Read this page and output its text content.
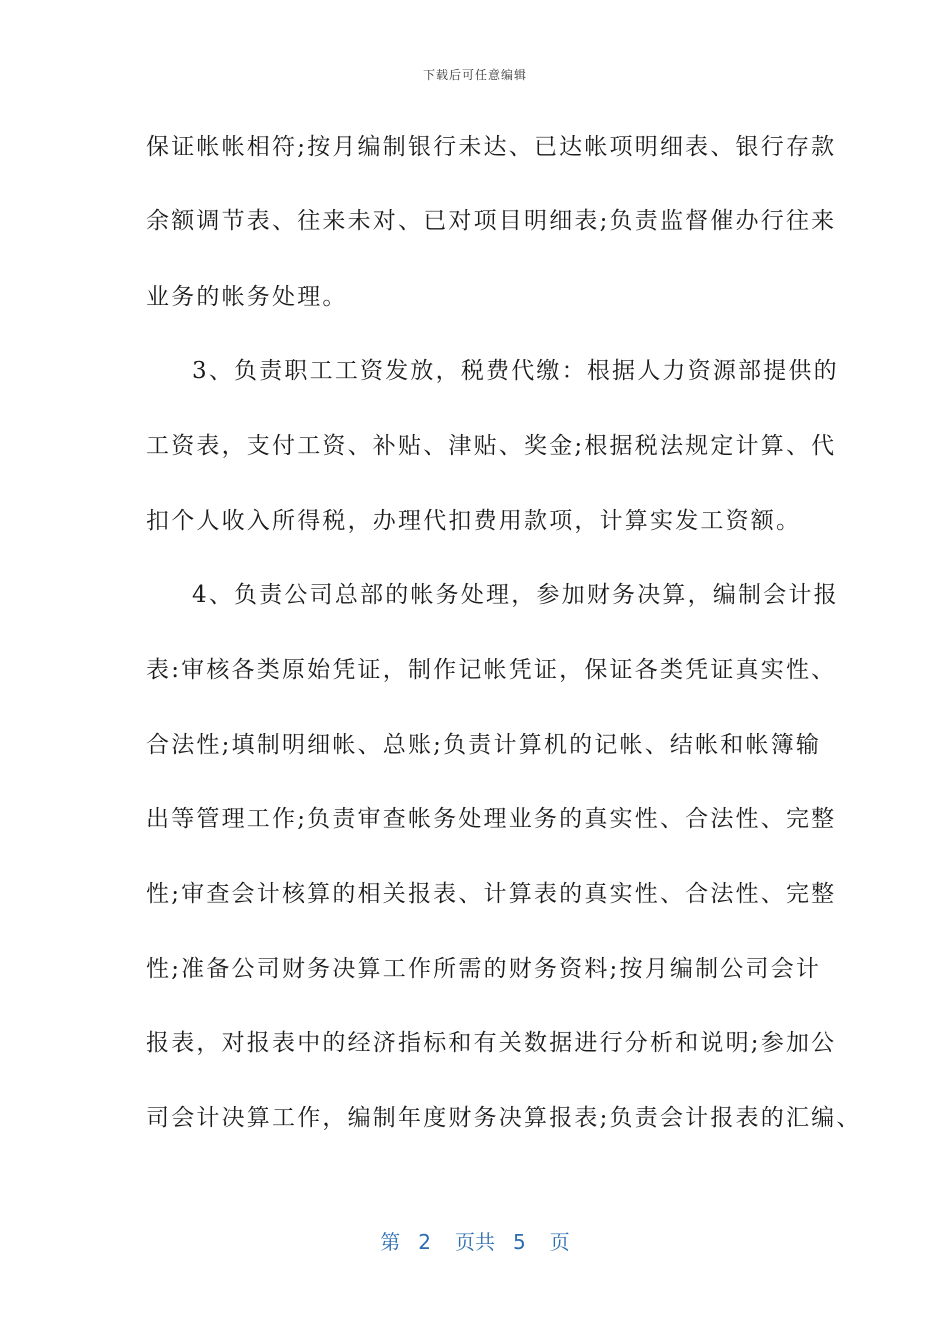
下载后可任意编辑
保证帐帐相符;按月编制银行未达、已达帐项明细表、银行存款
余额调节表、往来未对、已对项目明细表;负责监督催办行往来
业务的帐务处理。
3、负责职工工资发放，税费代缴：根据人力资源部提供的
工资表，支付工资、补贴、津贴、奖金;根据税法规定计算、代
扣个人收入所得税，办理代扣费用款项，计算实发工资额。
4、负责公司总部的帐务处理，参加财务决算，编制会计报
表:审核各类原始凭证，制作记帐凭证，保证各类凭证真实性、
合法性;填制明细帐、总账;负责计算机的记帐、结帐和帐簿输
出等管理工作;负责审查帐务处理业务的真实性、合法性、完整
性;审查会计核算的相关报表、计算表的真实性、合法性、完整
性;准备公司财务决算工作所需的财务资料;按月编制公司会计
报表，对报表中的经济指标和有关数据进行分析和说明;参加公
司会计决算工作，编制年度财务决算报表;负责会计报表的汇编、
第 2 页共 5 页
